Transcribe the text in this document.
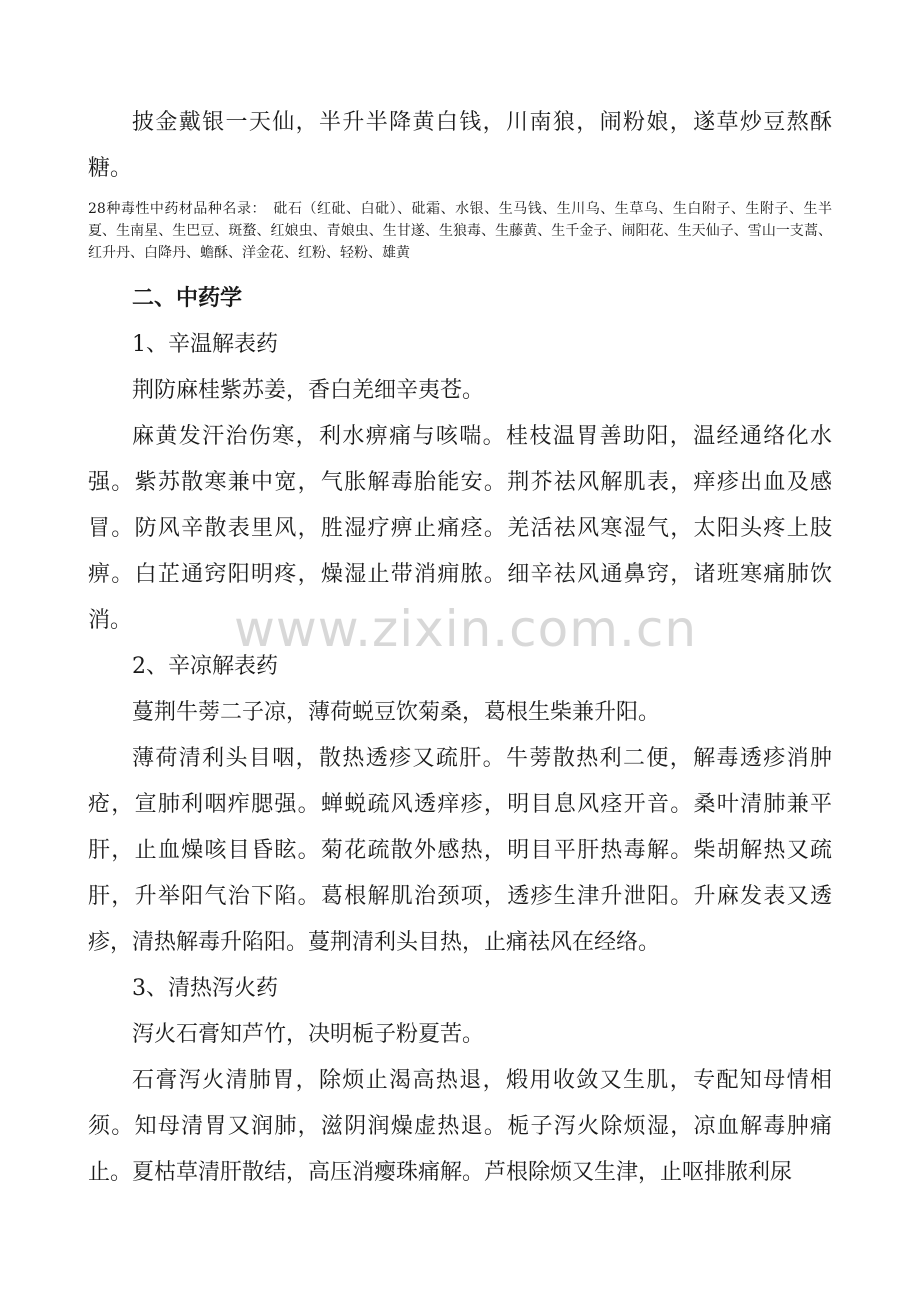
披金戴银一天仙，半升半降黄白钱，川南狼，闹粉娘，遂草炒豆熬酥糖。

28种毒性中药材品种名录：　砒石（红砒、白砒）、砒霜、水银、生马钱、生川乌、生草乌、生白附子、生附子、生半夏、生南星、生巴豆、斑蝥、红娘虫、青娘虫、生甘遂、生狼毒、生藤黄、生千金子、闹阳花、生天仙子、雪山一支蒿、红升丹、白降丹、蟾酥、洋金花、红粉、轻粉、雄黄

二、中药学

1、辛温解表药

荆防麻桂紫苏姜，香白羌细辛夷苍。

麻黄发汗治伤寒，利水痹痛与咳喘。桂枝温胃善助阳，温经通络化水强。紫苏散寒兼中宽，气胀解毒胎能安。荆芥祛风解肌表，痒疹出血及感冒。防风辛散表里风，胜湿疗痹止痛痉。羌活祛风寒湿气，太阳头疼上肢痹。白芷通窍阳明疼，燥湿止带消痈脓。细辛祛风通鼻窍，诸班寒痛肺饮消。

2、辛凉解表药

蔓荆牛蒡二子凉，薄荷蜕豆饮菊桑，葛根生柴兼升阳。

薄荷清利头目咽，散热透疹又疏肝。牛蒡散热利二便，解毒透疹消肿疮，宣肺利咽痄腮强。蝉蜕疏风透痒疹，明目息风痉开音。桑叶清肺兼平肝，止血燥咳目昏眩。菊花疏散外感热，明目平肝热毒解。柴胡解热又疏肝，升举阳气治下陷。葛根解肌治颈项，透疹生津升泄阳。升麻发表又透疹，清热解毒升陷阳。蔓荆清利头目热，止痛祛风在经络。

3、清热泻火药

泻火石膏知芦竹，决明栀子粉夏苦。

石膏泻火清肺胃，除烦止渴高热退，煅用收敛又生肌，专配知母情相须。知母清胃又润肺，滋阴润燥虚热退。栀子泻火除烦湿，凉血解毒肿痛止。夏枯草清肝散结，高压消瘿珠痛解。芦根除烦又生津，止呕排脓利尿

www.zixin.com.cn
